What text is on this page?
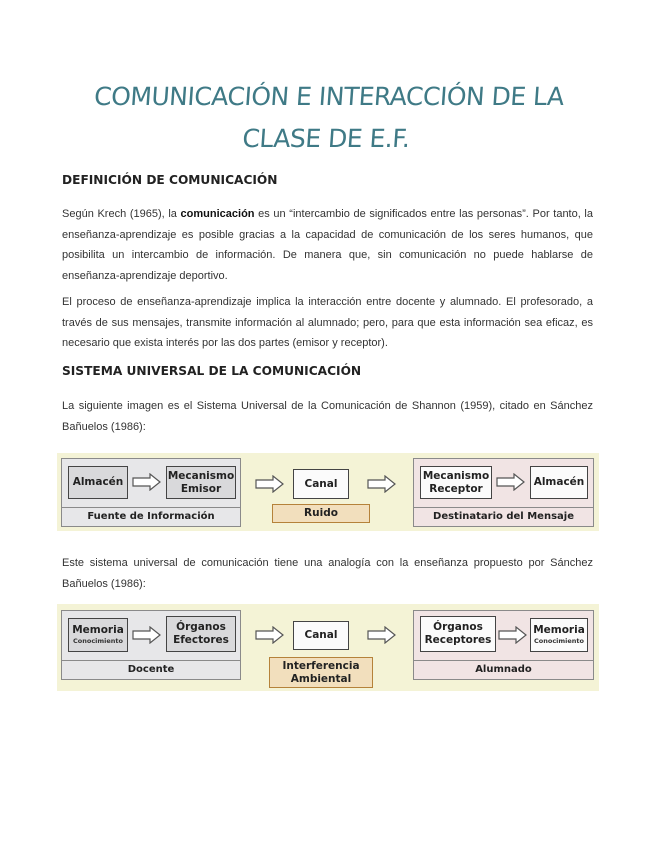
COMUNICACIÓN E INTERACCIÓN DE LA
CLASE DE E.F.
DEFINICIÓN DE COMUNICACIÓN

Según Krech (1965), la comunicación es un “intercambio de significados entre las personas”. Por tanto, la enseñanza-aprendizaje es posible gracias a la capacidad de comunicación de los seres humanos, que posibilita un intercambio de información. De manera que, sin comunicación no puede hablarse de enseñanza-aprendizaje deportivo.

El proceso de enseñanza-aprendizaje implica la interacción entre docente y alumnado. El profesorado, a través de sus mensajes, transmite información al alumnado; pero, para que esta información sea eficaz, es necesario que exista interés por las dos partes (emisor y receptor).

SISTEMA UNIVERSAL DE LA COMUNICACIÓN

La siguiente imagen es el Sistema Universal de la Comunicación de Shannon (1959), citado en Sánchez Bañuelos (1986):

Almacén
Mecanismo
Emisor
Fuente de Información
Canal
Ruido
Mecanismo
Receptor
Almacén
Destinatario del Mensaje

Este sistema universal de comunicación tiene una analogía con la enseñanza propuesto por Sánchez Bañuelos (1986):

Memoria
Conocimiento
Órganos
Efectores
Docente
Canal
Interferencia
Ambiental
Órganos
Receptores
Memoria
Conocimiento
Alumnado
